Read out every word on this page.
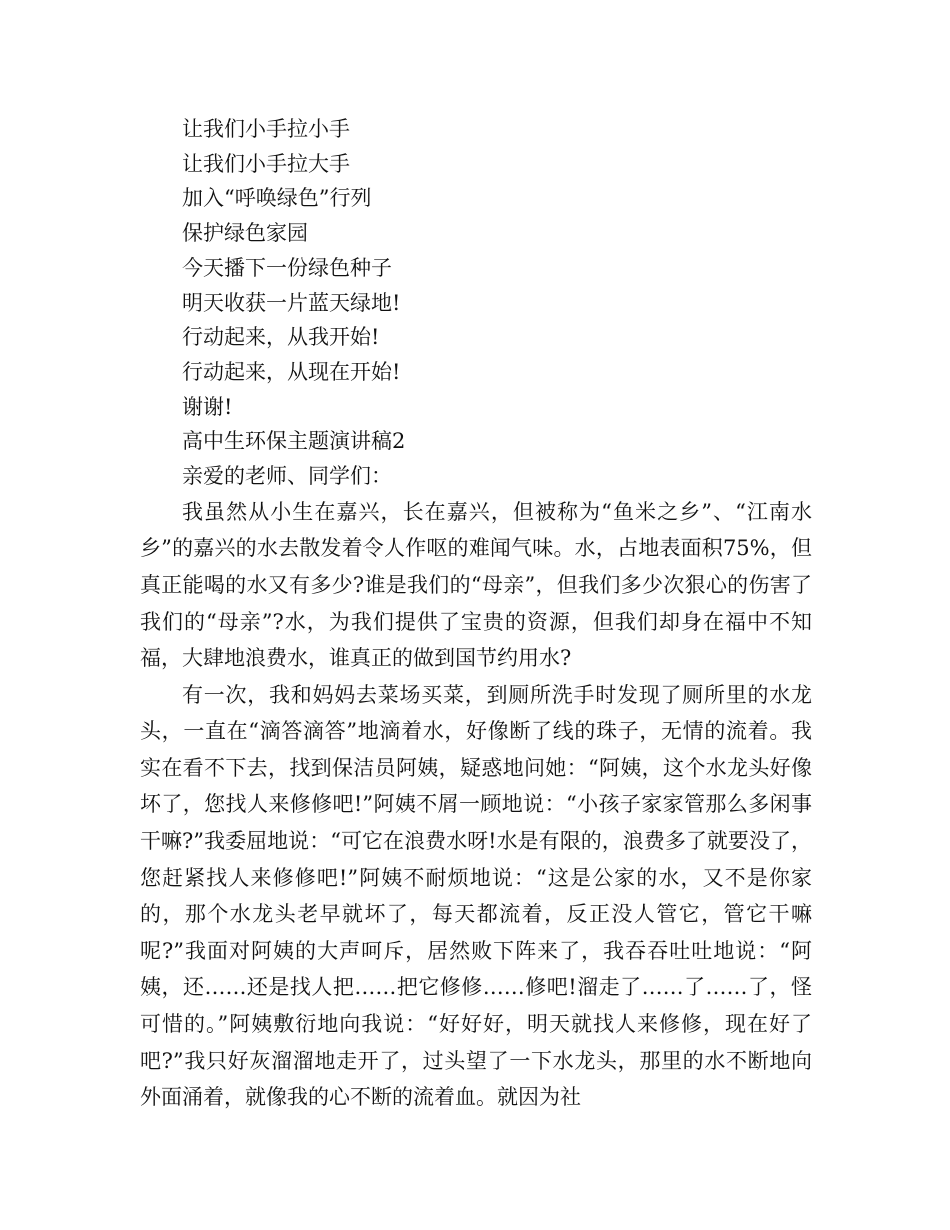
让我们小手拉小手
让我们小手拉大手
加入“呼唤绿色”行列
保护绿色家园
今天播下一份绿色种子
明天收获一片蓝天绿地!
行动起来，从我开始!
行动起来，从现在开始!
谢谢!
高中生环保主题演讲稿2
亲爱的老师、同学们：

我虽然从小生在嘉兴，长在嘉兴，但被称为“鱼米之乡”、“江南水乡”的嘉兴的水去散发着令人作呕的难闻气味。水，占地表面积75%，但真正能喝的水又有多少?谁是我们的“母亲”，但我们多少次狠心的伤害了我们的“母亲”?水，为我们提供了宝贵的资源，但我们却身在福中不知福，大肆地浪费水，谁真正的做到国节约用水?

有一次，我和妈妈去菜场买菜，到厕所洗手时发现了厕所里的水龙头，一直在“滴答滴答”地滴着水，好像断了线的珠子，无情的流着。我实在看不下去，找到保洁员阿姨，疑惑地问她：“阿姨，这个水龙头好像坏了，您找人来修修吧!”阿姨不屑一顾地说：“小孩子家家管那么多闲事干嘛?”我委屈地说：“可它在浪费水呀!水是有限的，浪费多了就要没了，您赶紧找人来修修吧!”阿姨不耐烦地说：“这是公家的水，又不是你家的，那个水龙头老早就坏了，每天都流着，反正没人管它，管它干嘛呢?”我面对阿姨的大声呵斥，居然败下阵来了，我吞吞吐吐地说：“阿姨，还……还是找人把……把它修修……修吧!溜走了……了……了，怪可惜的。”阿姨敷衍地向我说：“好好好，明天就找人来修修，现在好了吧?”我只好灰溜溜地走开了，过头望了一下水龙头，那里的水不断地向外面涌着，就像我的心不断的流着血。就因为社
